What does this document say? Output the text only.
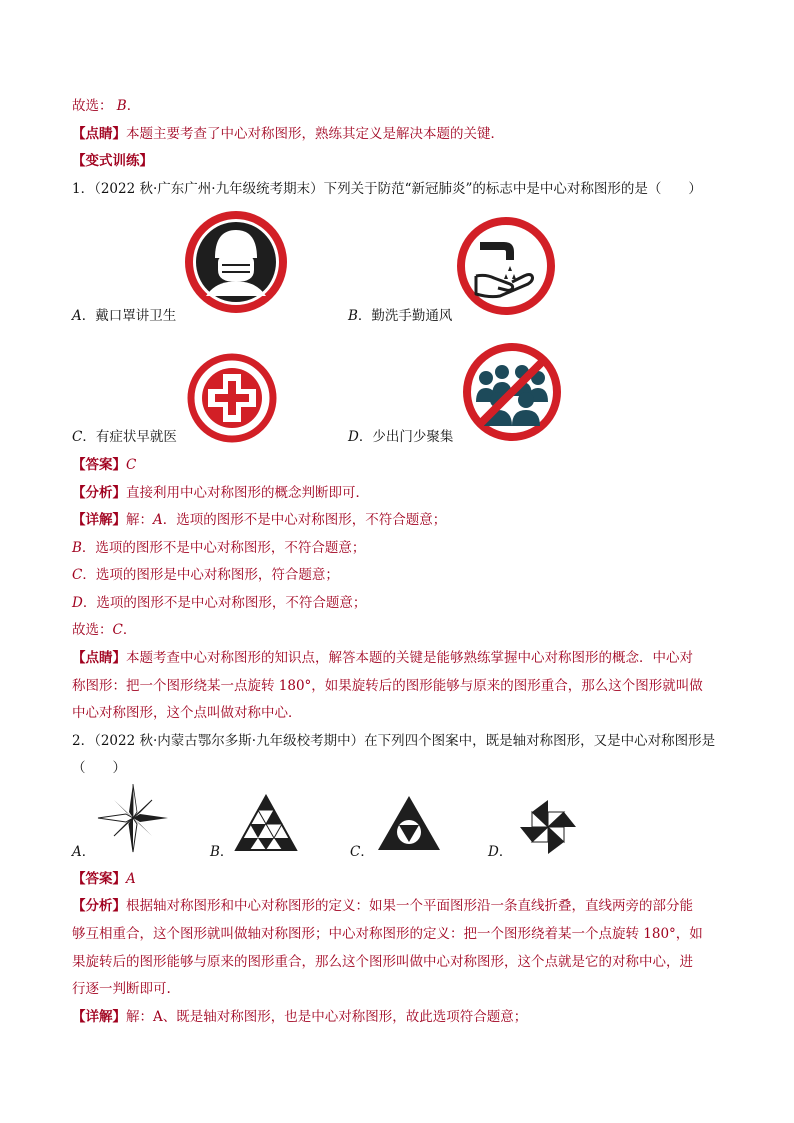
故选： B．
【点睛】本题主要考查了中心对称图形，熟练其定义是解决本题的关键．
【变式训练】
1．（2022 秋·广东广州·九年级统考期末）下列关于防范“新冠肺炎”的标志中是中心对称图形的是（　　）
A．戴口罩讲卫生	B．勤洗手勤通风
C．有症状早就医	D．少出门少聚集
【答案】C
【分析】直接利用中心对称图形的概念判断即可．
【详解】解：A．选项的图形不是中心对称图形，不符合题意；
B．选项的图形不是中心对称图形，不符合题意；
C．选项的图形是中心对称图形，符合题意；
D．选项的图形不是中心对称图形，不符合题意；
故选：C．
【点睛】本题考查中心对称图形的知识点，解答本题的关键是能够熟练掌握中心对称图形的概念．中心对
称图形：把一个图形绕某一点旋转 180°，如果旋转后的图形能够与原来的图形重合，那么这个图形就叫做
中心对称图形，这个点叫做对称中心．
2．（2022 秋·内蒙古鄂尔多斯·九年级校考期中）在下列四个图案中，既是轴对称图形，又是中心对称图形是
（　　）
A．	B．	C．	D．
【答案】A
【分析】根据轴对称图形和中心对称图形的定义：如果一个平面图形沿一条直线折叠，直线两旁的部分能
够互相重合，这个图形就叫做轴对称图形；中心对称图形的定义：把一个图形绕着某一个点旋转 180°，如
果旋转后的图形能够与原来的图形重合，那么这个图形叫做中心对称图形，这个点就是它的对称中心，进
行逐一判断即可.
【详解】解：A、既是轴对称图形，也是中心对称图形，故此选项符合题意；
